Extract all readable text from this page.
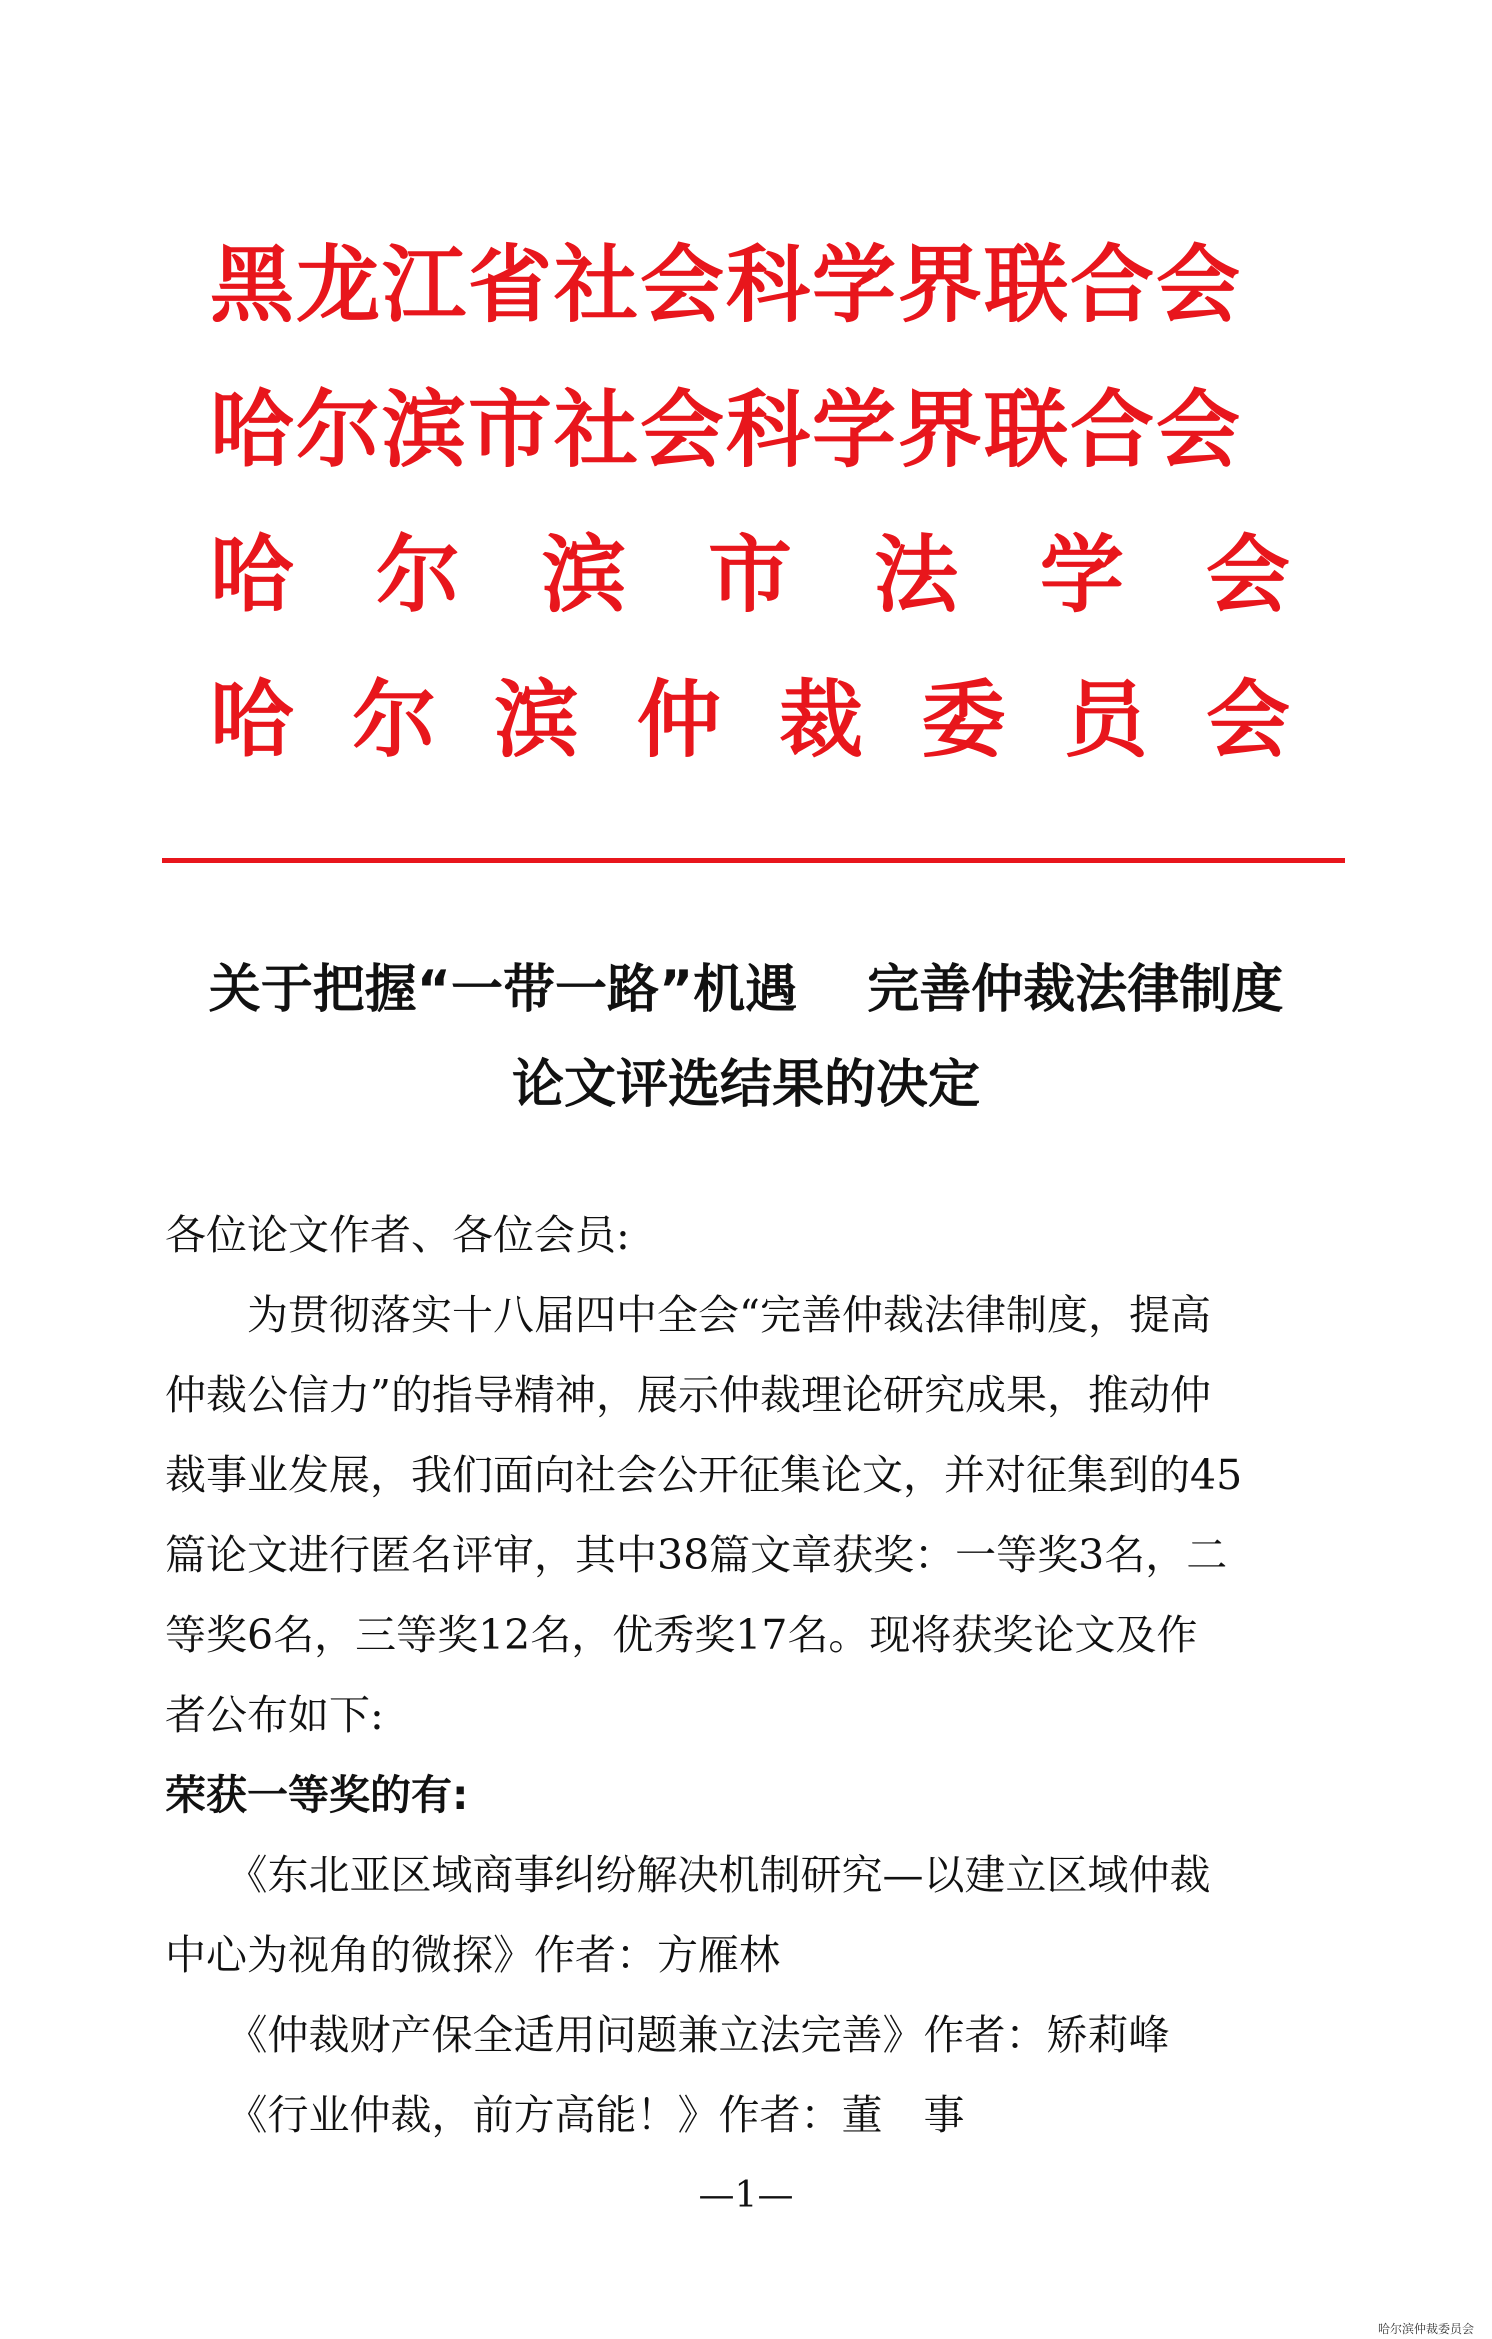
黑龙江省社会科学界联合会
哈尔滨市社会科学界联合会
哈 尔 滨 市 法 学 会
哈 尔 滨 仲 裁 委 员 会
关于把握“一带一路”机遇　 完善仲裁法律制度
论文评选结果的决定
各位论文作者、各位会员:
　　为贯彻落实十八届四中全会“完善仲裁法律制度，提高
仲裁公信力”的指导精神，展示仲裁理论研究成果，推动仲
裁事业发展，我们面向社会公开征集论文，并对征集到的45
篇论文进行匿名评审，其中38篇文章获奖：一等奖3名，二
等奖6名，三等奖12名，优秀奖17名。现将获奖论文及作
者公布如下:
荣获一等奖的有:
　　《东北亚区域商事纠纷解决机制研究—以建立区域仲裁
中心为视角的微探》作者：方雁林
　　《仲裁财产保全适用问题兼立法完善》作者：矫莉峰
　　《行业仲裁，前方高能！》作者：董　事
—1—
哈尔滨仲裁委员会
